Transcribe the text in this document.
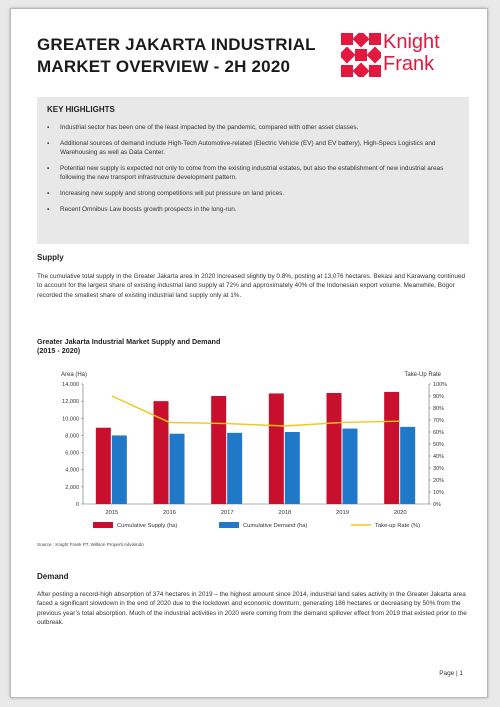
GREATER JAKARTA INDUSTRIAL
MARKET OVERVIEW - 2H 2020
Knight
Frank
KEY HIGHLIGHTS
▪ Industrial sector has been one of the least impacted by the pandemic, compared with other asset classes.
▪ Additional sources of demand include High-Tech Automotive-related (Electric Vehicle (EV) and EV battery), High-Specs Logistics and Warehousing as well as Data Center.
▪ Potential new supply is expected not only to come from the existing industrial estates, but also the establishment of new industrial areas following the new transport infrastructure development pattern.
▪ Increasing new supply and strong competitions will put pressure on land prices.
▪ Recent Omnibus Law boosts growth prospects in the long-run.
Supply
The cumulative total supply in the Greater Jakarta area in 2020 increased slightly by 0.8%, posting at 13,076 hectares. Bekasi and Karawang continued to account for the largest share of existing industrial land supply at 72% and approximately 40% of the Indonesian export volume. Meanwhile, Bogor recorded the smallest share of existing industrial land supply only at 1%.
Greater Jakarta Industrial Market Supply and Demand
(2015 - 2020)
Area (Ha)	Take-Up Rate
0
2,000
4,000
6,000
8,000
10,000
12,000
14,000
0%
10%
20%
30%
40%
50%
60%
70%
80%
90%
100%
2015	2016	2017	2018	2019	2020
Cumulative Supply (ha)	Cumulative Demand (ha)	Take-up Rate (%)
Source : Knight Frank PT. Willson Properti Advisindo
Demand
After posting a record-high absorption of 374 hectares in 2019 – the highest amount since 2014, industrial land sales activity in the Greater Jakarta area faced a significant slowdown in the end of 2020 due to the lockdown and economic downturn, generating 186 hectares or decreasing by 50% from the previous year’s total absorption. Much of the industrial activities in 2020 were coming from the demand spillover effect from 2019 that existed prior to the outbreak.
Page | 1
